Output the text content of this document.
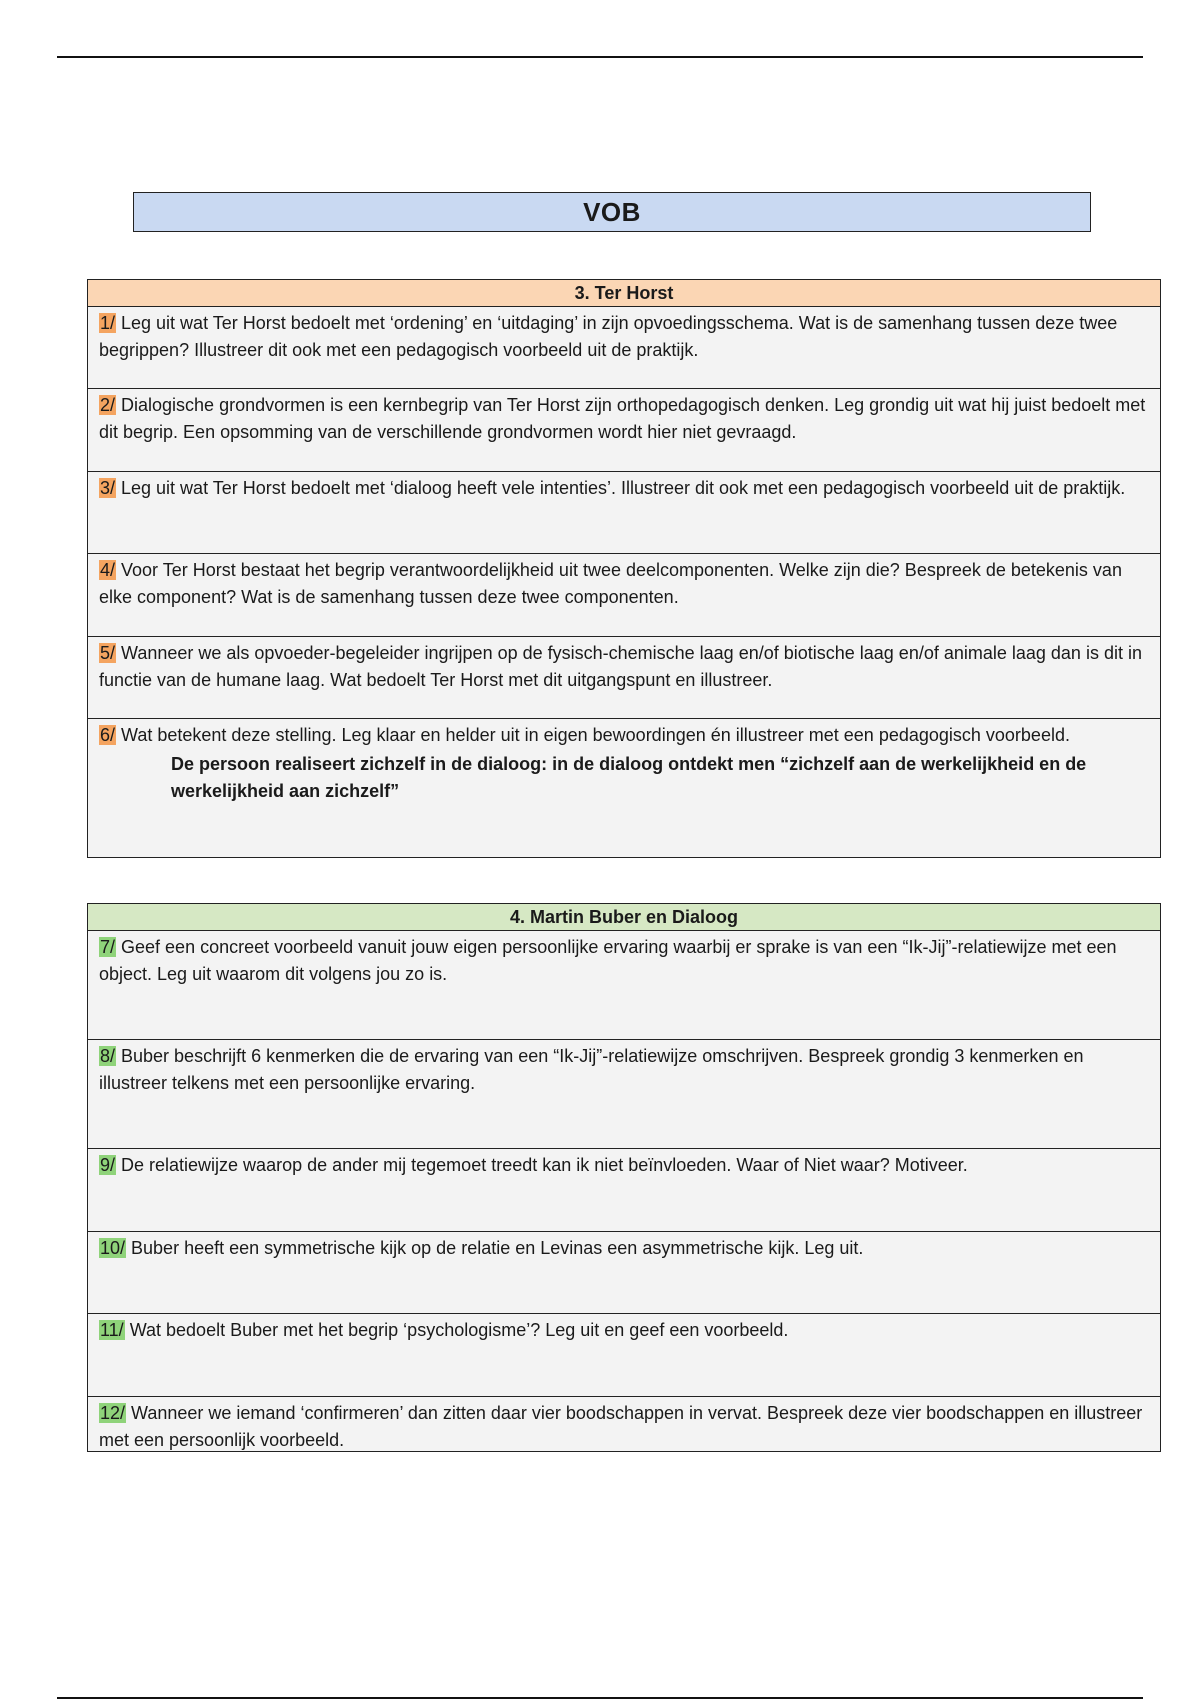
VOB
3. Ter Horst
1/ Leg uit wat Ter Horst bedoelt met ‘ordening’ en ‘uitdaging’ in zijn opvoedingsschema. Wat is de samenhang tussen deze twee begrippen? Illustreer dit ook met een pedagogisch voorbeeld uit de praktijk.
2/ Dialogische grondvormen is een kernbegrip van Ter Horst zijn orthopedagogisch denken. Leg grondig uit wat hij juist bedoelt met dit begrip. Een opsomming van de verschillende grondvormen wordt hier niet gevraagd.
3/ Leg uit wat Ter Horst bedoelt met ‘dialoog heeft vele intenties’. Illustreer dit ook met een pedagogisch voorbeeld uit de praktijk.
4/ Voor Ter Horst bestaat het begrip verantwoordelijkheid uit twee deelcomponenten. Welke zijn die? Bespreek de betekenis van elke component? Wat is de samenhang tussen deze twee componenten.
5/ Wanneer we als opvoeder-begeleider ingrijpen op de fysisch-chemische laag en/of biotische laag en/of animale laag dan is dit in functie van de humane laag. Wat bedoelt Ter Horst met dit uitgangspunt en illustreer.
6/ Wat betekent deze stelling. Leg klaar en helder uit in eigen bewoordingen én illustreer met een pedagogisch voorbeeld.
De persoon realiseert zichzelf in de dialoog: in de dialoog ontdekt men “zichzelf aan de werkelijkheid en de werkelijkheid aan zichzelf”
4. Martin Buber en Dialoog
7/ Geef een concreet voorbeeld vanuit jouw eigen persoonlijke ervaring waarbij er sprake is van een “Ik-Jij”-relatiewijze met een object. Leg uit waarom dit volgens jou zo is.
8/ Buber beschrijft 6 kenmerken die de ervaring van een “Ik-Jij”-relatiewijze omschrijven. Bespreek grondig 3 kenmerken en illustreer telkens met een persoonlijke ervaring.
9/ De relatiewijze waarop de ander mij tegemoet treedt kan ik niet beïnvloeden. Waar of Niet waar? Motiveer.
10/ Buber heeft een symmetrische kijk op de relatie en Levinas een asymmetrische kijk. Leg uit.
11/ Wat bedoelt Buber met het begrip ‘psychologisme’? Leg uit en geef een voorbeeld.
12/ Wanneer we iemand ‘confirmeren’ dan zitten daar vier boodschappen in vervat. Bespreek deze vier boodschappen en illustreer met een persoonlijk voorbeeld.
